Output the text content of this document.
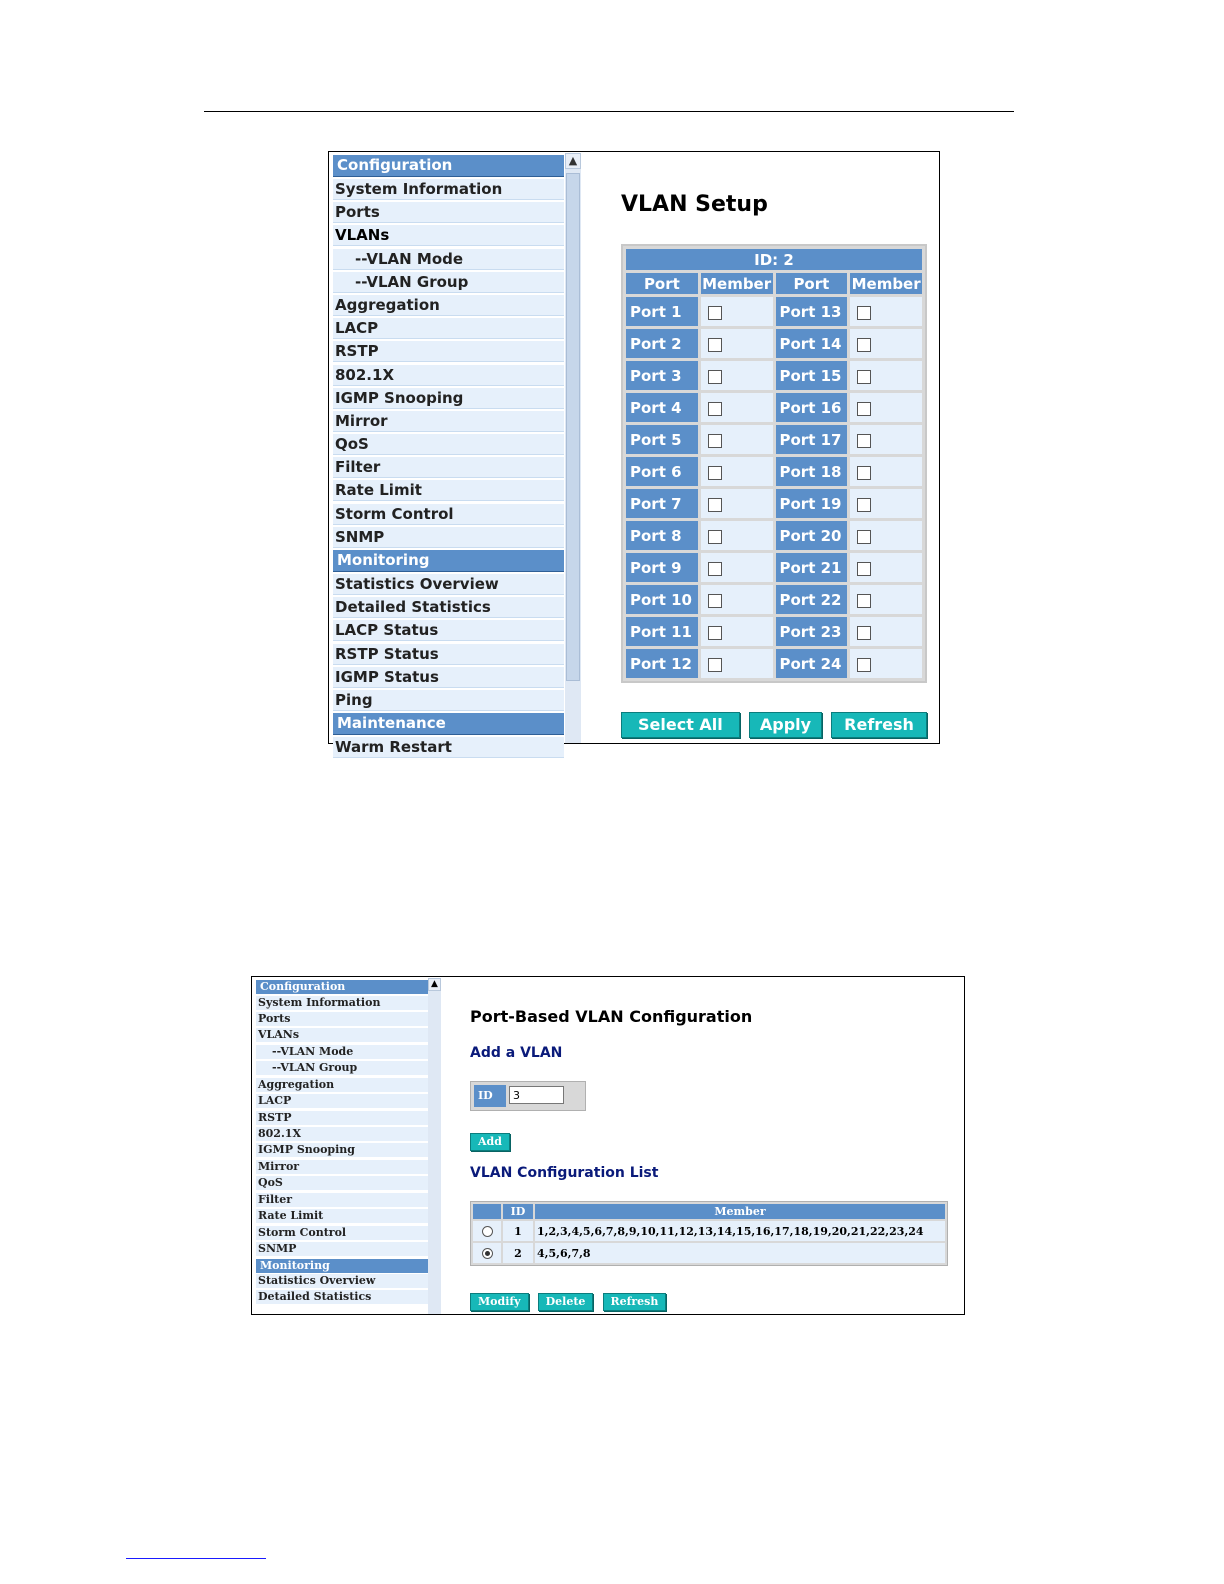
Configuration
System Information
Ports
VLANs
--VLAN Mode
--VLAN Group
Aggregation
LACP
RSTP
802.1X
IGMP Snooping
Mirror
QoS
Filter
Rate Limit
Storm Control
SNMP
Monitoring
Statistics Overview
Detailed Statistics
LACP Status
RSTP Status
IGMP Status
Ping
Maintenance
Warm Restart
▲
VLAN Setup
ID: 2			
Port	Member	Port	Member
Port 1		Port 13	
Port 2		Port 14	
Port 3		Port 15	
Port 4		Port 16	
Port 5		Port 17	
Port 6		Port 18	
Port 7		Port 19	
Port 8		Port 20	
Port 9		Port 21	
Port 10		Port 22	
Port 11		Port 23	
Port 12		Port 24	
Select All Apply Refresh
Configuration
System Information
Ports
VLANs
--VLAN Mode
--VLAN Group
Aggregation
LACP
RSTP
802.1X
IGMP Snooping
Mirror
QoS
Filter
Rate Limit
Storm Control
SNMP
Monitoring
Statistics Overview
Detailed Statistics
▲
Port-Based VLAN Configuration
Add a VLAN
ID
3
Add
VLAN Configuration List
	ID	Member
	1	1,2,3,4,5,6,7,8,9,10,11,12,13,14,15,16,17,18,19,20,21,22,23,24
	2	4,5,6,7,8
Modify Delete Refresh
